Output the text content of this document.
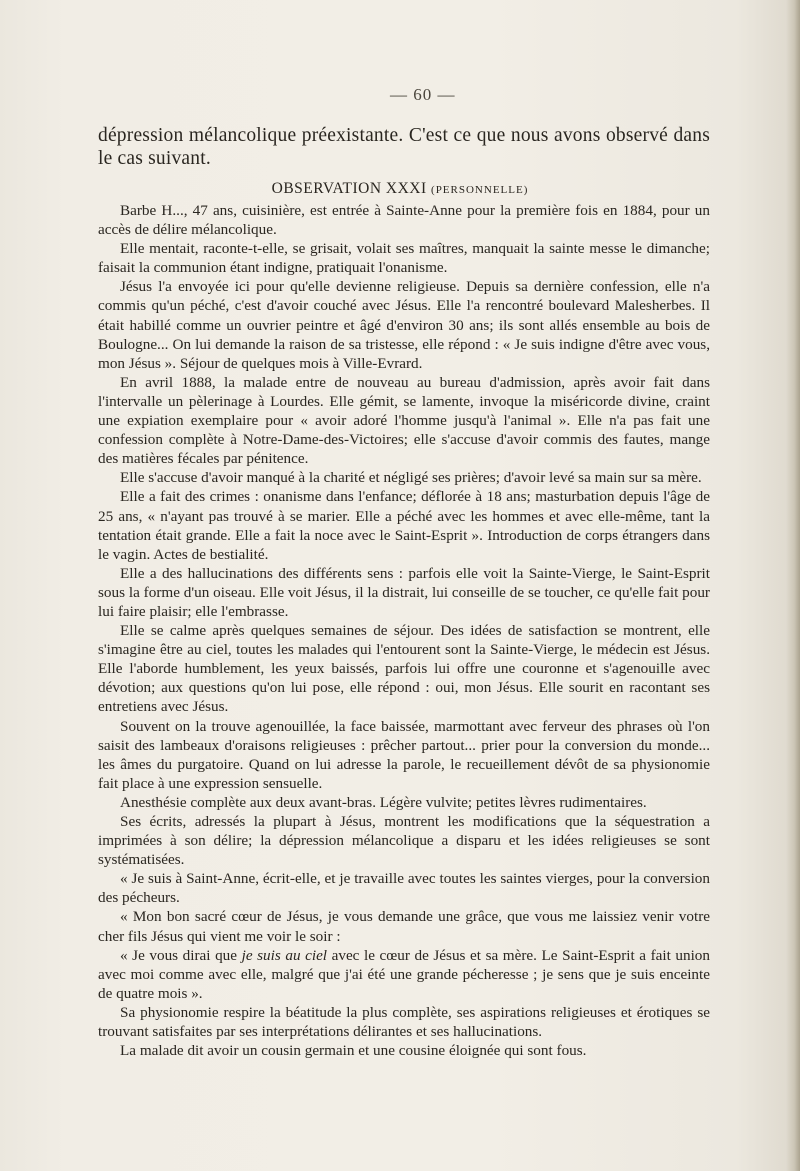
— 60 —
dépression mélancolique préexistante. C'est ce que nous avons observé dans le cas suivant.
OBSERVATION XXXI (PERSONNELLE)

Barbe H..., 47 ans, cuisinière, est entrée à Sainte-Anne pour la première fois en 1884, pour un accès de délire mélancolique.

Elle mentait, raconte-t-elle, se grisait, volait ses maîtres, manquait la sainte messe le dimanche; faisait la communion étant indigne, pratiquait l'onanisme.

Jésus l'a envoyée ici pour qu'elle devienne religieuse. Depuis sa dernière confession, elle n'a commis qu'un péché, c'est d'avoir couché avec Jésus. Elle l'a rencontré boulevard Malesherbes. Il était habillé comme un ouvrier peintre et âgé d'environ 30 ans; ils sont allés ensemble au bois de Boulogne... On lui demande la raison de sa tristesse, elle répond : « Je suis indigne d'être avec vous, mon Jésus ». Séjour de quelques mois à Ville-Evrard.

En avril 1888, la malade entre de nouveau au bureau d'admission, après avoir fait dans l'intervalle un pèlerinage à Lourdes. Elle gémit, se lamente, invoque la miséricorde divine, craint une expiation exemplaire pour « avoir adoré l'homme jusqu'à l'animal ». Elle n'a pas fait une confession complète à Notre-Dame-des-Victoires; elle s'accuse d'avoir commis des fautes, mange des matières fécales par pénitence.

Elle s'accuse d'avoir manqué à la charité et négligé ses prières; d'avoir levé sa main sur sa mère.

Elle a fait des crimes : onanisme dans l'enfance; déflorée à 18 ans; masturbation depuis l'âge de 25 ans, « n'ayant pas trouvé à se marier. Elle a péché avec les hommes et avec elle-même, tant la tentation était grande. Elle a fait la noce avec le Saint-Esprit ». Introduction de corps étrangers dans le vagin. Actes de bestialité.

Elle a des hallucinations des différents sens : parfois elle voit la Sainte-Vierge, le Saint-Esprit sous la forme d'un oiseau. Elle voit Jésus, il la distrait, lui conseille de se toucher, ce qu'elle fait pour lui faire plaisir; elle l'embrasse.

Elle se calme après quelques semaines de séjour. Des idées de satisfaction se montrent, elle s'imagine être au ciel, toutes les malades qui l'entourent sont la Sainte-Vierge, le médecin est Jésus. Elle l'aborde humblement, les yeux baissés, parfois lui offre une couronne et s'agenouille avec dévotion; aux questions qu'on lui pose, elle répond : oui, mon Jésus. Elle sourit en racontant ses entretiens avec Jésus.

Souvent on la trouve agenouillée, la face baissée, marmottant avec ferveur des phrases où l'on saisit des lambeaux d'oraisons religieuses : prêcher partout... prier pour la conversion du monde... les âmes du purgatoire. Quand on lui adresse la parole, le recueillement dévôt de sa physionomie fait place à une expression sensuelle.

Anesthésie complète aux deux avant-bras. Légère vulvite; petites lèvres rudimentaires.

Ses écrits, adressés la plupart à Jésus, montrent les modifications que la séquestration a imprimées à son délire; la dépression mélancolique a disparu et les idées religieuses se sont systématisées.

« Je suis à Saint-Anne, écrit-elle, et je travaille avec toutes les saintes vierges, pour la conversion des pécheurs.

« Mon bon sacré cœur de Jésus, je vous demande une grâce, que vous me laissiez venir votre cher fils Jésus qui vient me voir le soir :

« Je vous dirai que je suis au ciel avec le cœur de Jésus et sa mère. Le Saint-Esprit a fait union avec moi comme avec elle, malgré que j'ai été une grande pécheresse ; je sens que je suis enceinte de quatre mois ».

Sa physionomie respire la béatitude la plus complète, ses aspirations religieuses et érotiques se trouvant satisfaites par ses interprétations délirantes et ses hallucinations.

La malade dit avoir un cousin germain et une cousine éloignée qui sont fous.
